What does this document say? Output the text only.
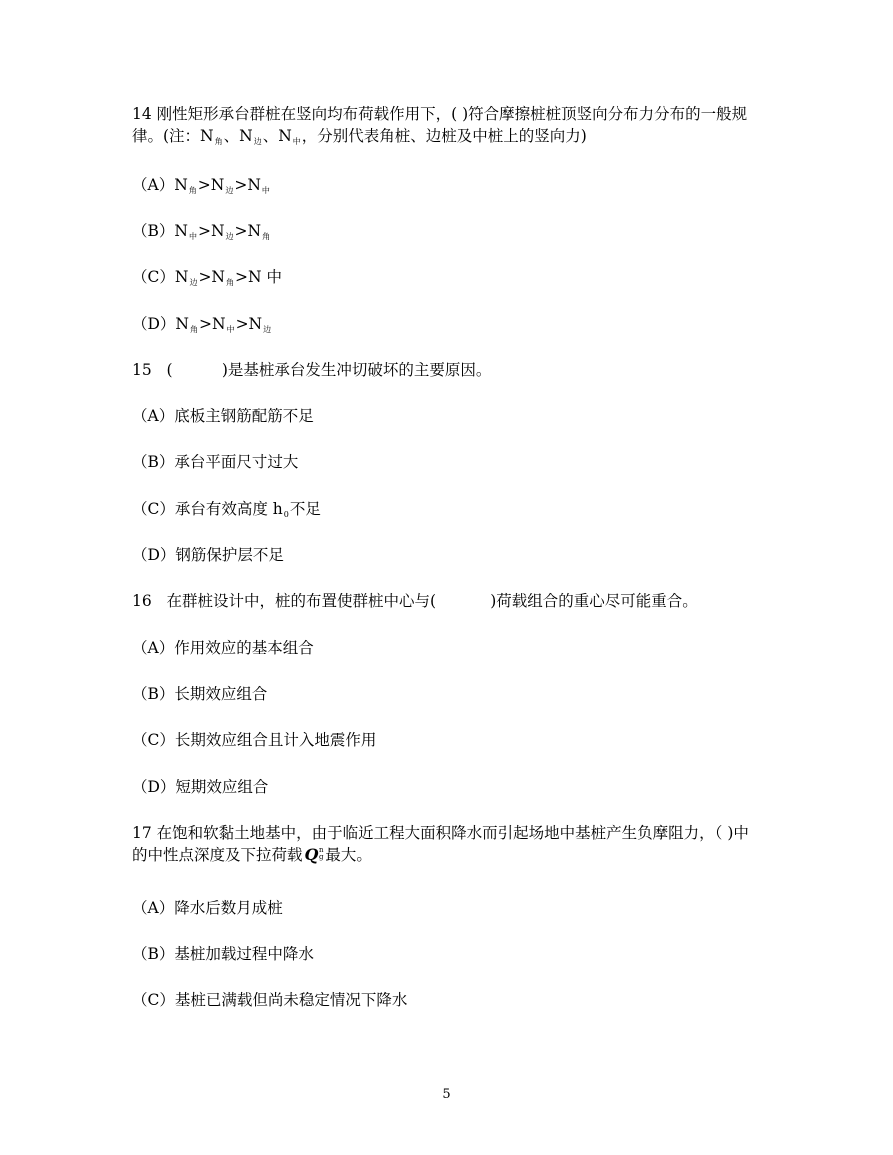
14 刚性矩形承台群桩在竖向均布荷载作用下，( )符合摩擦桩桩顶竖向分布力分布的一般规律。(注：N角、N边、N中，分别代表角桩、边桩及中桩上的竖向力)
（A）N角>N边>N中
（B）N中>N边>N角
（C）N边>N角>N 中
（D）N角>N中>N边
15   (          )是基桩承台发生冲切破坏的主要原因。
（A）底板主钢筋配筋不足
（B）承台平面尺寸过大
（C）承台有效高度 h0不足
（D）钢筋保护层不足
16   在群桩设计中，桩的布置使群桩中心与(           )荷载组合的重心尽可能重合。
（A）作用效应的基本组合
（B）长期效应组合
（C）长期效应组合且计入地震作用
（D）短期效应组合
17 在饱和软黏土地基中，由于临近工程大面积降水而引起场地中基桩产生负摩阻力，（ )中的中性点深度及下拉荷载 Q n
g 最大。
（A）降水后数月成桩
（B）基桩加载过程中降水
（C）基桩已满载但尚未稳定情况下降水
5
